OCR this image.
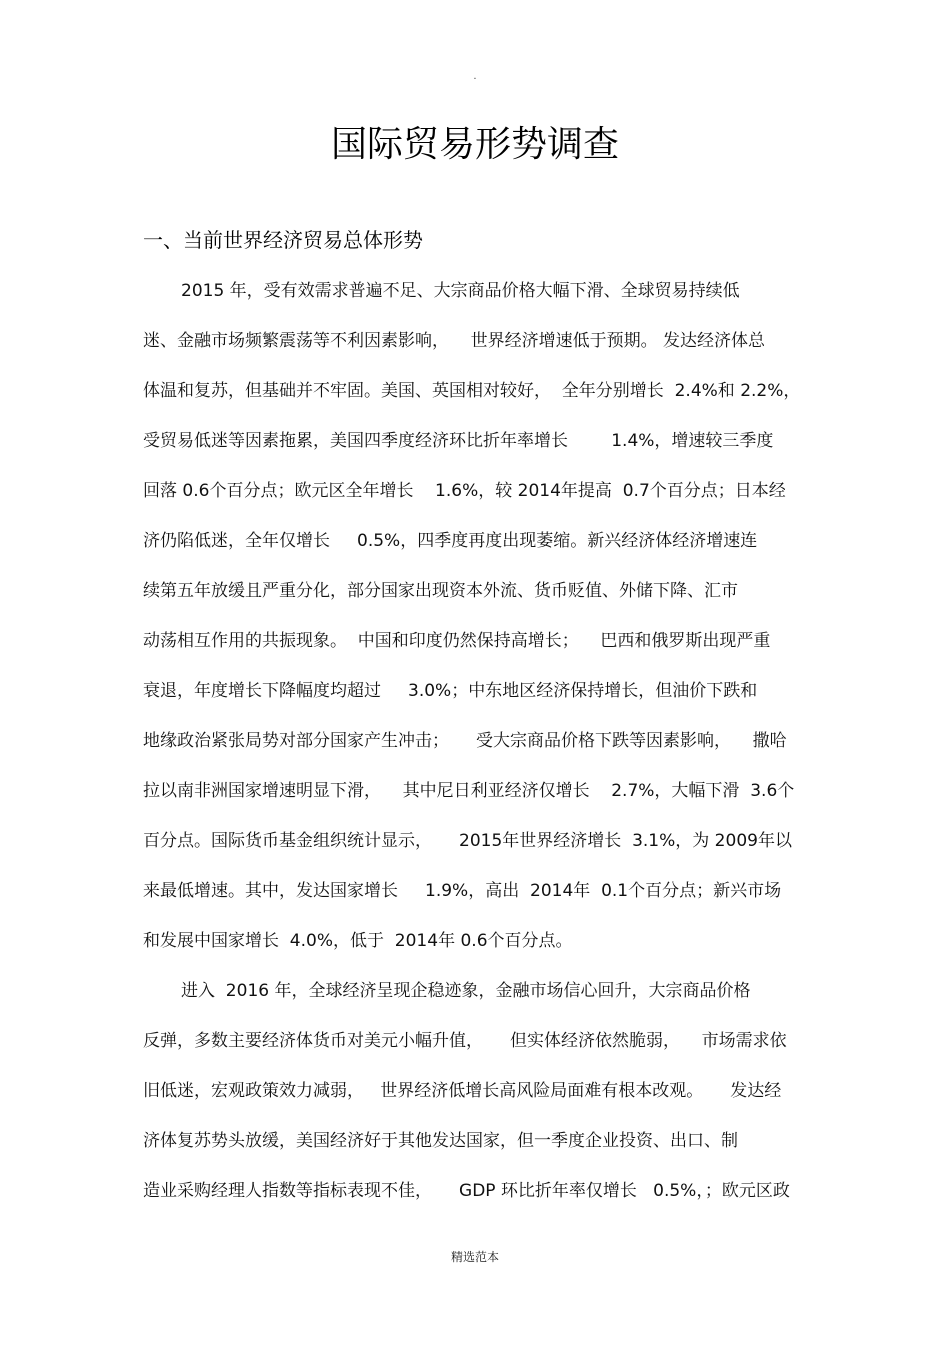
.
国际贸易形势调查
一、当前世界经济贸易总体形势
2015 年，受有效需求普遍不足、大宗商品价格大幅下滑、全球贸易持续低
迷、金融市场频繁震荡等不利因素影响，    世界经济增速低于预期。 发达经济体总
体温和复苏，但基础并不牢固。美国、英国相对较好，  全年分别增长  2.4%和 2.2%，
受贸易低迷等因素拖累，美国四季度经济环比折年率增长        1.4%，增速较三季度
回落 0.6个百分点；欧元区全年增长    1.6%，较 2014年提高  0.7个百分点；日本经
济仍陷低迷，全年仅增长     0.5%，四季度再度出现萎缩。新兴经济体经济增速连
续第五年放缓且严重分化，部分国家出现资本外流、货币贬值、外储下降、汇市
动荡相互作用的共振现象。  中国和印度仍然保持高增长；    巴西和俄罗斯出现严重
衰退，年度增长下降幅度均超过     3.0%；中东地区经济保持增长，但油价下跌和
地缘政治紧张局势对部分国家产生冲击；     受大宗商品价格下跌等因素影响，    撒哈
拉以南非洲国家增速明显下滑，    其中尼日利亚经济仅增长    2.7%，大幅下滑  3.6个
百分点。国际货币基金组织统计显示，     2015年世界经济增长  3.1%，为 2009年以
来最低增速。其中，发达国家增长     1.9%，高出  2014年  0.1个百分点；新兴市场
和发展中国家增长  4.0%，低于  2014年 0.6个百分点。
进入  2016 年，全球经济呈现企稳迹象，金融市场信心回升，大宗商品价格
反弹，多数主要经济体货币对美元小幅升值，     但实体经济依然脆弱，    市场需求依
旧低迷，宏观政策效力减弱，   世界经济低增长高风险局面难有根本改观。     发达经
济体复苏势头放缓，美国经济好于其他发达国家，但一季度企业投资、出口、制
造业采购经理人指数等指标表现不佳，     GDP 环比折年率仅增长   0.5%，；欧元区政
精选范本
